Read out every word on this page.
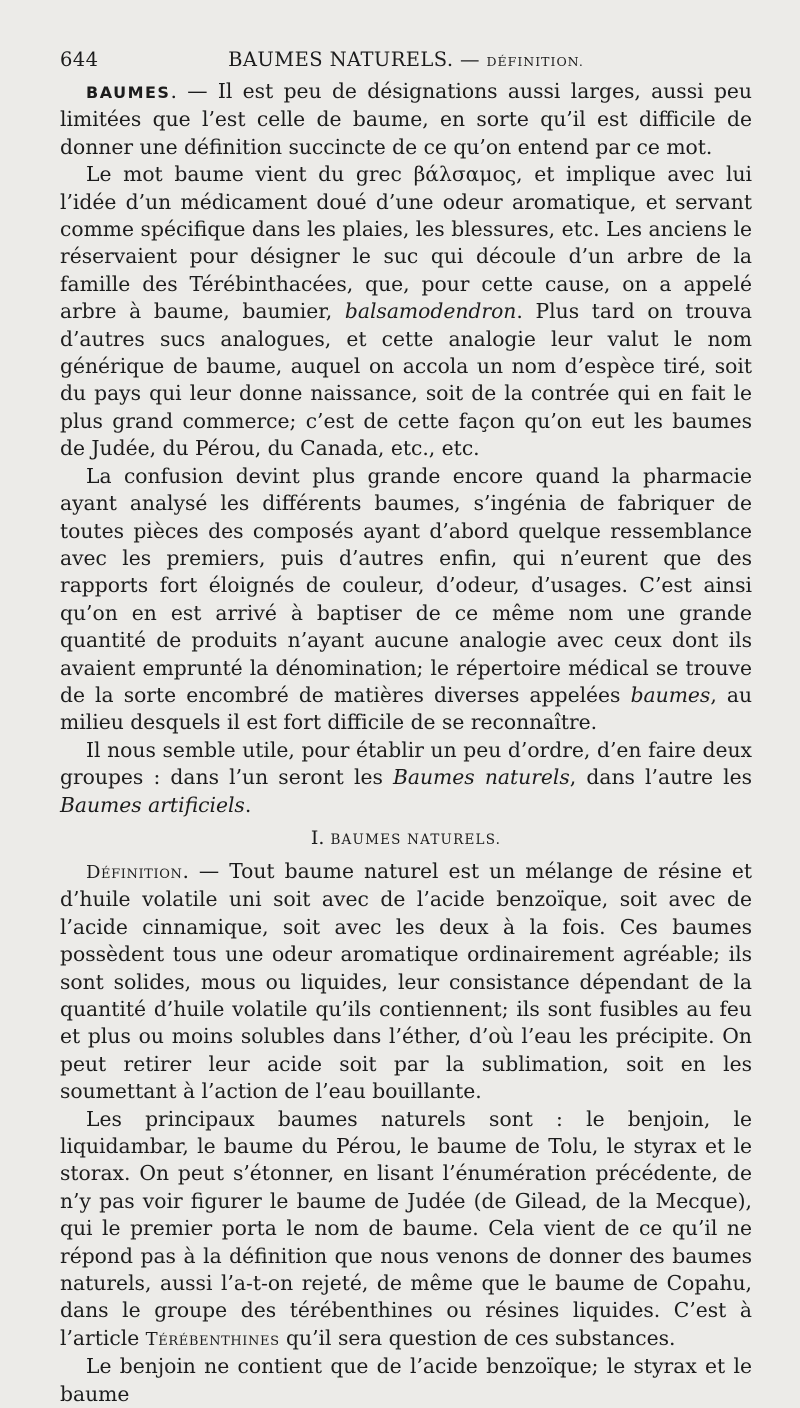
644	BAUMES NATURELS. — DÉFINITION.

BAUMES. — Il est peu de désignations aussi larges, aussi peu limitées que l’est celle de baume, en sorte qu’il est difficile de donner une définition succincte de ce qu’on entend par ce mot.

Le mot baume vient du grec βάλσαμος, et implique avec lui l’idée d’un médicament doué d’une odeur aromatique, et servant comme spécifique dans les plaies, les blessures, etc. Les anciens le réservaient pour désigner le suc qui découle d’un arbre de la famille des Térébinthacées, que, pour cette cause, on a appelé arbre à baume, baumier, balsamodendron. Plus tard on trouva d’autres sucs analogues, et cette analogie leur valut le nom générique de baume, auquel on accola un nom d’espèce tiré, soit du pays qui leur donne naissance, soit de la contrée qui en fait le plus grand commerce; c’est de cette façon qu’on eut les baumes de Judée, du Pérou, du Canada, etc., etc.

La confusion devint plus grande encore quand la pharmacie ayant analysé les différents baumes, s’ingénia de fabriquer de toutes pièces des composés ayant d’abord quelque ressemblance avec les premiers, puis d’autres enfin, qui n’eurent que des rapports fort éloignés de couleur, d’odeur, d’usages. C’est ainsi qu’on en est arrivé à baptiser de ce même nom une grande quantité de produits n’ayant aucune analogie avec ceux dont ils avaient emprunté la dénomination; le répertoire médical se trouve de la sorte encombré de matières diverses appelées baumes, au milieu desquels il est fort difficile de se reconnaître.

Il nous semble utile, pour établir un peu d’ordre, d’en faire deux groupes : dans l’un seront les Baumes naturels, dans l’autre les Baumes artificiels.

I. BAUMES NATURELS.

Définition. — Tout baume naturel est un mélange de résine et d’huile volatile uni soit avec de l’acide benzoïque, soit avec de l’acide cinnamique, soit avec les deux à la fois. Ces baumes possèdent tous une odeur aromatique ordinairement agréable; ils sont solides, mous ou liquides, leur consistance dépendant de la quantité d’huile volatile qu’ils contiennent; ils sont fusibles au feu et plus ou moins solubles dans l’éther, d’où l’eau les précipite. On peut retirer leur acide soit par la sublimation, soit en les soumettant à l’action de l’eau bouillante.

Les principaux baumes naturels sont : le benjoin, le liquidambar, le baume du Pérou, le baume de Tolu, le styrax et le storax. On peut s’étonner, en lisant l’énumération précédente, de n’y pas voir figurer le baume de Judée (de Gilead, de la Mecque), qui le premier porta le nom de baume. Cela vient de ce qu’il ne répond pas à la définition que nous venons de donner des baumes naturels, aussi l’a-t-on rejeté, de même que le baume de Copahu, dans le groupe des térébenthines ou résines liquides. C’est à l’article Térébenthines qu’il sera question de ces substances.

Le benjoin ne contient que de l’acide benzoïque; le styrax et le baume
